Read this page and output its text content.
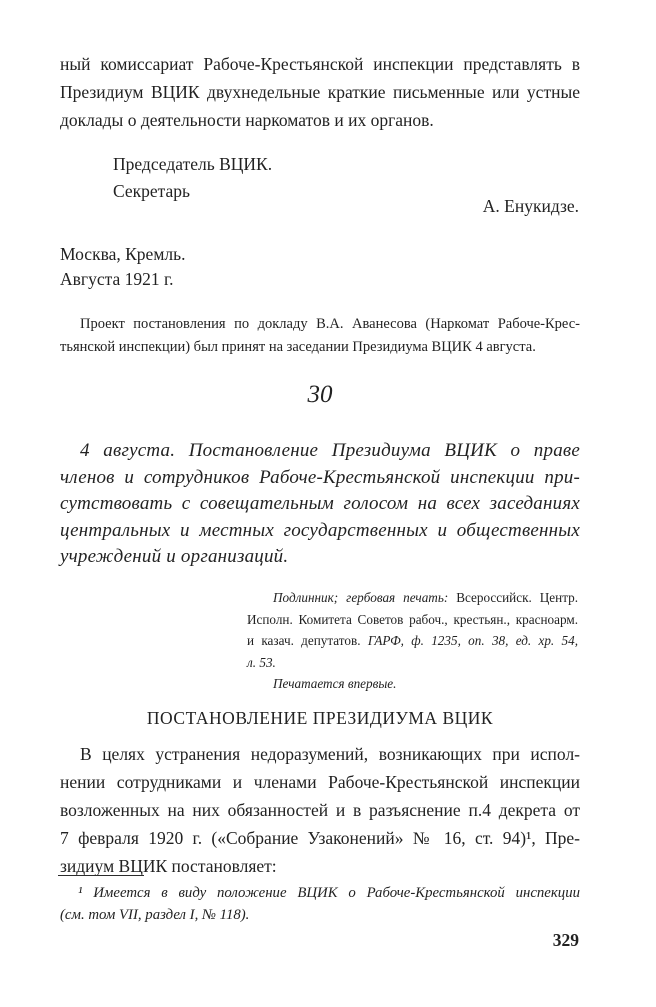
ный комиссариат Рабоче-Крестьянской инспекции представлять в
Президиум ВЦИК двухнедельные краткие письменные или устные
доклады о деятельности наркоматов и их органов.
Председатель ВЦИК.
Секретарь
А. Енукидзе.
Москва, Кремль.
Августа 1921 г.
Проект постановления по докладу В.А. Аванесова (Наркомат Рабоче-Крес-
тьянской инспекции) был принят на заседании Президиума ВЦИК 4 августа.
30
4 августа. Постановление Президиума ВЦИК о праве
членов и сотрудников Рабоче-Крестьянской инспекции при-
сутствовать с совещательным голосом на всех заседаниях
центральных и местных государственных и общественных
учреждений и организаций.
Подлинник; гербовая печать: Всероссийск. Центр.
Исполн. Комитета Советов рабоч., крестьян., красноарм.
и казач. депутатов. ГАРФ, ф. 1235, оп. 38, ед. хр. 54,
л. 53.
Печатается впервые.
ПОСТАНОВЛЕНИЕ ПРЕЗИДИУМА ВЦИК
В целях устранения недоразумений, возникающих при испол-
нении сотрудниками и членами Рабоче-Крестьянской инспекции
возложенных на них обязанностей и в разъяснение п.4 декрета от
7 февраля 1920 г. («Собрание Узаконений» № 16, ст. 94)¹, Пре-
зидиум ВЦИК постановляет:
¹ Имеется в виду положение ВЦИК о Рабоче-Крестьянской инспекции
(см. том VII, раздел I, № 118).
329
